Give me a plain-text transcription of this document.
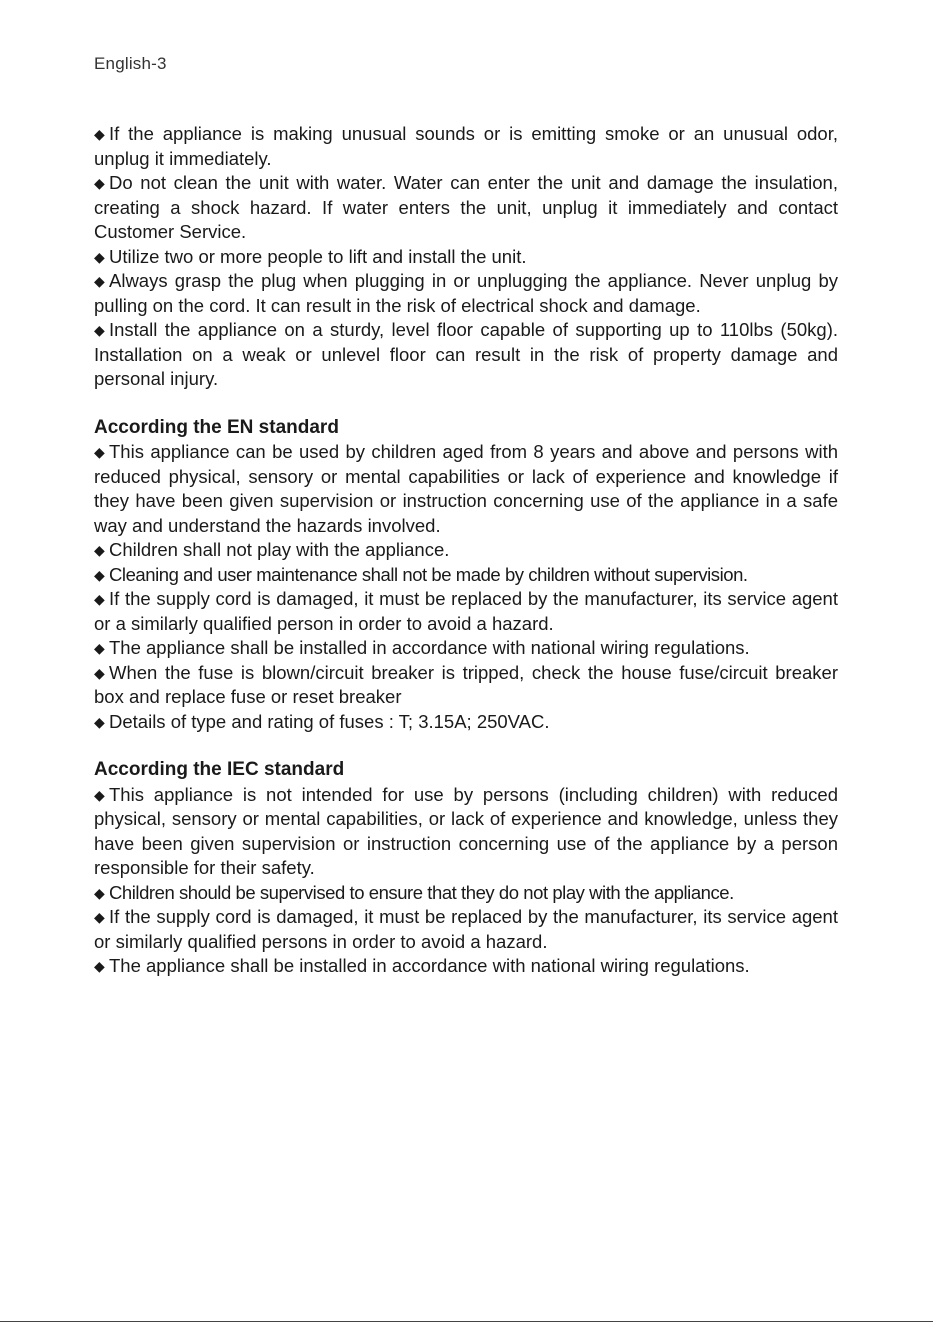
English-3

◆ If the appliance is making unusual sounds or is emitting smoke or an unusual odor, unplug it immediately.

◆ Do not clean the unit with water. Water can enter the unit and damage the insulation, creating a shock hazard. If water enters the unit, unplug it immediately and contact Customer Service.

◆ Utilize two or more people to lift and install the unit.

◆ Always grasp the plug when plugging in or unplugging the appliance. Never unplug by pulling on the cord. It can result in the risk of electrical shock and damage.

◆ Install the appliance on a sturdy, level floor capable of supporting up to 110lbs (50kg). Installation on a weak or unlevel floor can result in the risk of property damage and personal injury.

According the EN standard

◆ This appliance can be used by children aged from 8 years and above and persons with reduced physical, sensory or mental capabilities or lack of experience and knowledge if they have been given supervision or instruction concerning use of the appliance in a safe way and understand the hazards involved.

◆ Children shall not play with the appliance.

◆ Cleaning and user maintenance shall not be made by children without supervision.

◆ If the supply cord is damaged, it must be replaced by the manufacturer, its service agent or a similarly qualified person in order to avoid a hazard.

◆ The appliance shall be installed in accordance with national wiring regulations.

◆ When the fuse is blown/circuit breaker is tripped, check the house fuse/circuit breaker box and replace fuse or reset breaker

◆ Details of type and rating of fuses : T; 3.15A; 250VAC.

According the IEC standard

◆ This appliance is not intended for use by persons (including children) with reduced physical, sensory or mental capabilities, or lack of experience and knowledge, unless they have been given supervision or instruction concerning use of the appliance by a person responsible for their safety.

◆ Children should be supervised to ensure that they do not play with the appliance.

◆ If the supply cord is damaged, it must be replaced by the manufacturer, its service agent or similarly qualified persons in order to avoid a hazard.

◆ The appliance shall be installed in accordance with national wiring regulations.
